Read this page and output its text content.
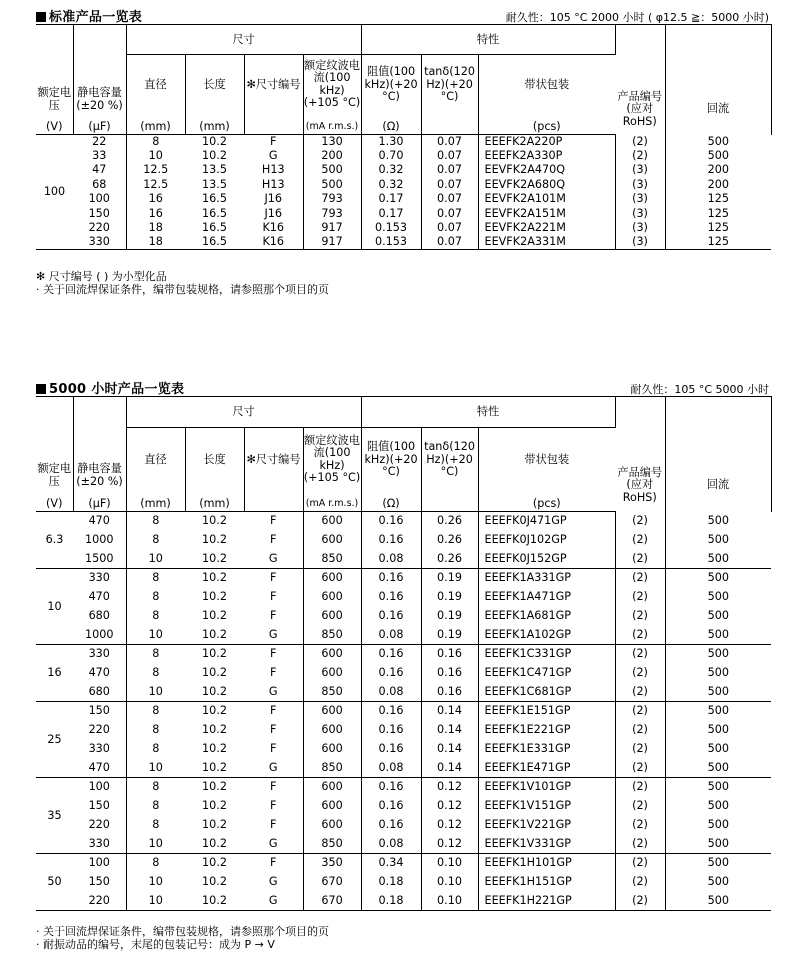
标准产品一览表	耐久性：105 °C 2000 小时 ( φ12.5 ≧：5000 小时)
		尺寸				特性			
		直径	长度	✻尺寸编号	额定纹波电流(100 kHz)(+105 °C)	阻值(100 kHz)(+20 °C)	tanδ(120 Hz)(+20 °C)	带状包装			
额定电压	静电容量(±20 %)								产品编号(应对RoHS)	回流	
(V)	(μF)	(mm)	(mm)		(mA r.m.s.)	(Ω)		(pcs)			
100	22	8	10.2	F	130	1.30	0.07	EEEFK2A220P	(2)	500	
	33	10	10.2	G	200	0.70	0.07	EEEFK2A330P	(2)	500	
	47	12.5	13.5	H13	500	0.32	0.07	EEVFK2A470Q	(3)	200	
	68	12.5	13.5	H13	500	0.32	0.07	EEVFK2A680Q	(3)	200	
	100	16	16.5	J16	793	0.17	0.07	EEVFK2A101M	(3)	125	
	150	16	16.5	J16	793	0.17	0.07	EEVFK2A151M	(3)	125	
	220	18	16.5	K16	917	0.153	0.07	EEVFK2A221M	(3)	125	
	330	18	16.5	K16	917	0.153	0.07	EEVFK2A331M	(3)	125	
✻ 尺寸编号 ( ) 为小型化品
· 关于回流焊保证条件，编带包装规格，请参照那个项目的页
5000 小时产品一览表	耐久性：105 °C 5000 小时
		尺寸				特性			
		直径	长度	✻尺寸编号	额定纹波电流(100 kHz)(+105 °C)	阻值(100 kHz)(+20 °C)	tanδ(120 Hz)(+20 °C)	带状包装			
额定电压	静电容量(±20 %)								产品编号(应对RoHS)	回流	
(V)	(μF)	(mm)	(mm)		(mA r.m.s.)	(Ω)		(pcs)			
6.3	470	8	10.2	F	600	0.16	0.26	EEEFK0J471GP	(2)	500	
	1000	8	10.2	F	600	0.16	0.26	EEEFK0J102GP	(2)	500	
	1500	10	10.2	G	850	0.08	0.26	EEEFK0J152GP	(2)	500	
10	330	8	10.2	F	600	0.16	0.19	EEEFK1A331GP	(2)	500	
	470	8	10.2	F	600	0.16	0.19	EEEFK1A471GP	(2)	500	
	680	8	10.2	F	600	0.16	0.19	EEEFK1A681GP	(2)	500	
	1000	10	10.2	G	850	0.08	0.19	EEEFK1A102GP	(2)	500	
16	330	8	10.2	F	600	0.16	0.16	EEEFK1C331GP	(2)	500	
	470	8	10.2	F	600	0.16	0.16	EEEFK1C471GP	(2)	500	
	680	10	10.2	G	850	0.08	0.16	EEEFK1C681GP	(2)	500	
25	150	8	10.2	F	600	0.16	0.14	EEEFK1E151GP	(2)	500	
	220	8	10.2	F	600	0.16	0.14	EEEFK1E221GP	(2)	500	
	330	8	10.2	F	600	0.16	0.14	EEEFK1E331GP	(2)	500	
	470	10	10.2	G	850	0.08	0.14	EEEFK1E471GP	(2)	500	
35	100	8	10.2	F	600	0.16	0.12	EEEFK1V101GP	(2)	500	
	150	8	10.2	F	600	0.16	0.12	EEEFK1V151GP	(2)	500	
	220	8	10.2	F	600	0.16	0.12	EEEFK1V221GP	(2)	500	
	330	10	10.2	G	850	0.08	0.12	EEEFK1V331GP	(2)	500	
50	100	8	10.2	F	350	0.34	0.10	EEEFK1H101GP	(2)	500	
	150	10	10.2	G	670	0.18	0.10	EEEFK1H151GP	(2)	500	
	220	10	10.2	G	670	0.18	0.10	EEEFK1H221GP	(2)	500	
· 关于回流焊保证条件，编带包装规格，请参照那个项目的页
· 耐振动品的编号，末尾的包装记号：成为 P → V
